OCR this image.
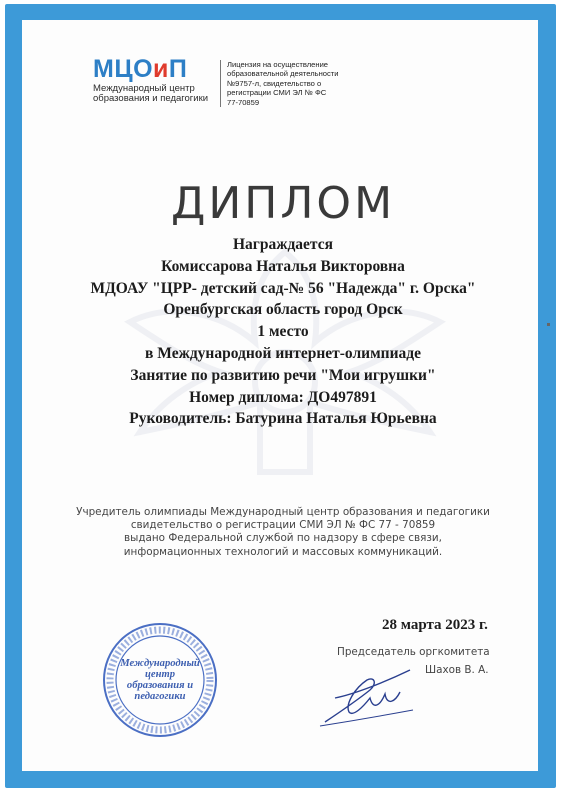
МЦОиП
Международный центр
образования и педагогики
Лицензия на осуществление
образовательной деятельности
№9757-л, свидетельство о
регистрации СМИ ЭЛ № ФС
77-70859
ДИПЛОМ
Награждается
Комиссарова Наталья Викторовна
МДОАУ "ЦРР- детский сад-№ 56 "Надежда" г. Орска"
Оренбургская область город Орск
1 место
в Международной интернет-олимпиаде
Занятие по развитию речи "Мои игрушки"
Номер диплома: ДО497891
Руководитель: Батурина Наталья Юрьевна
Учредитель олимпиады Международный центр образования и педагогики
свидетельство о регистрации СМИ ЭЛ № ФС 77 - 70859
выдано Федеральной службой по надзору в сфере связи,
информационных технологий и массовых коммуникаций.
28 марта 2023 г.
Председатель оргкомитета
Шахов В. А.
Международный
центр
образования и
педагогики
